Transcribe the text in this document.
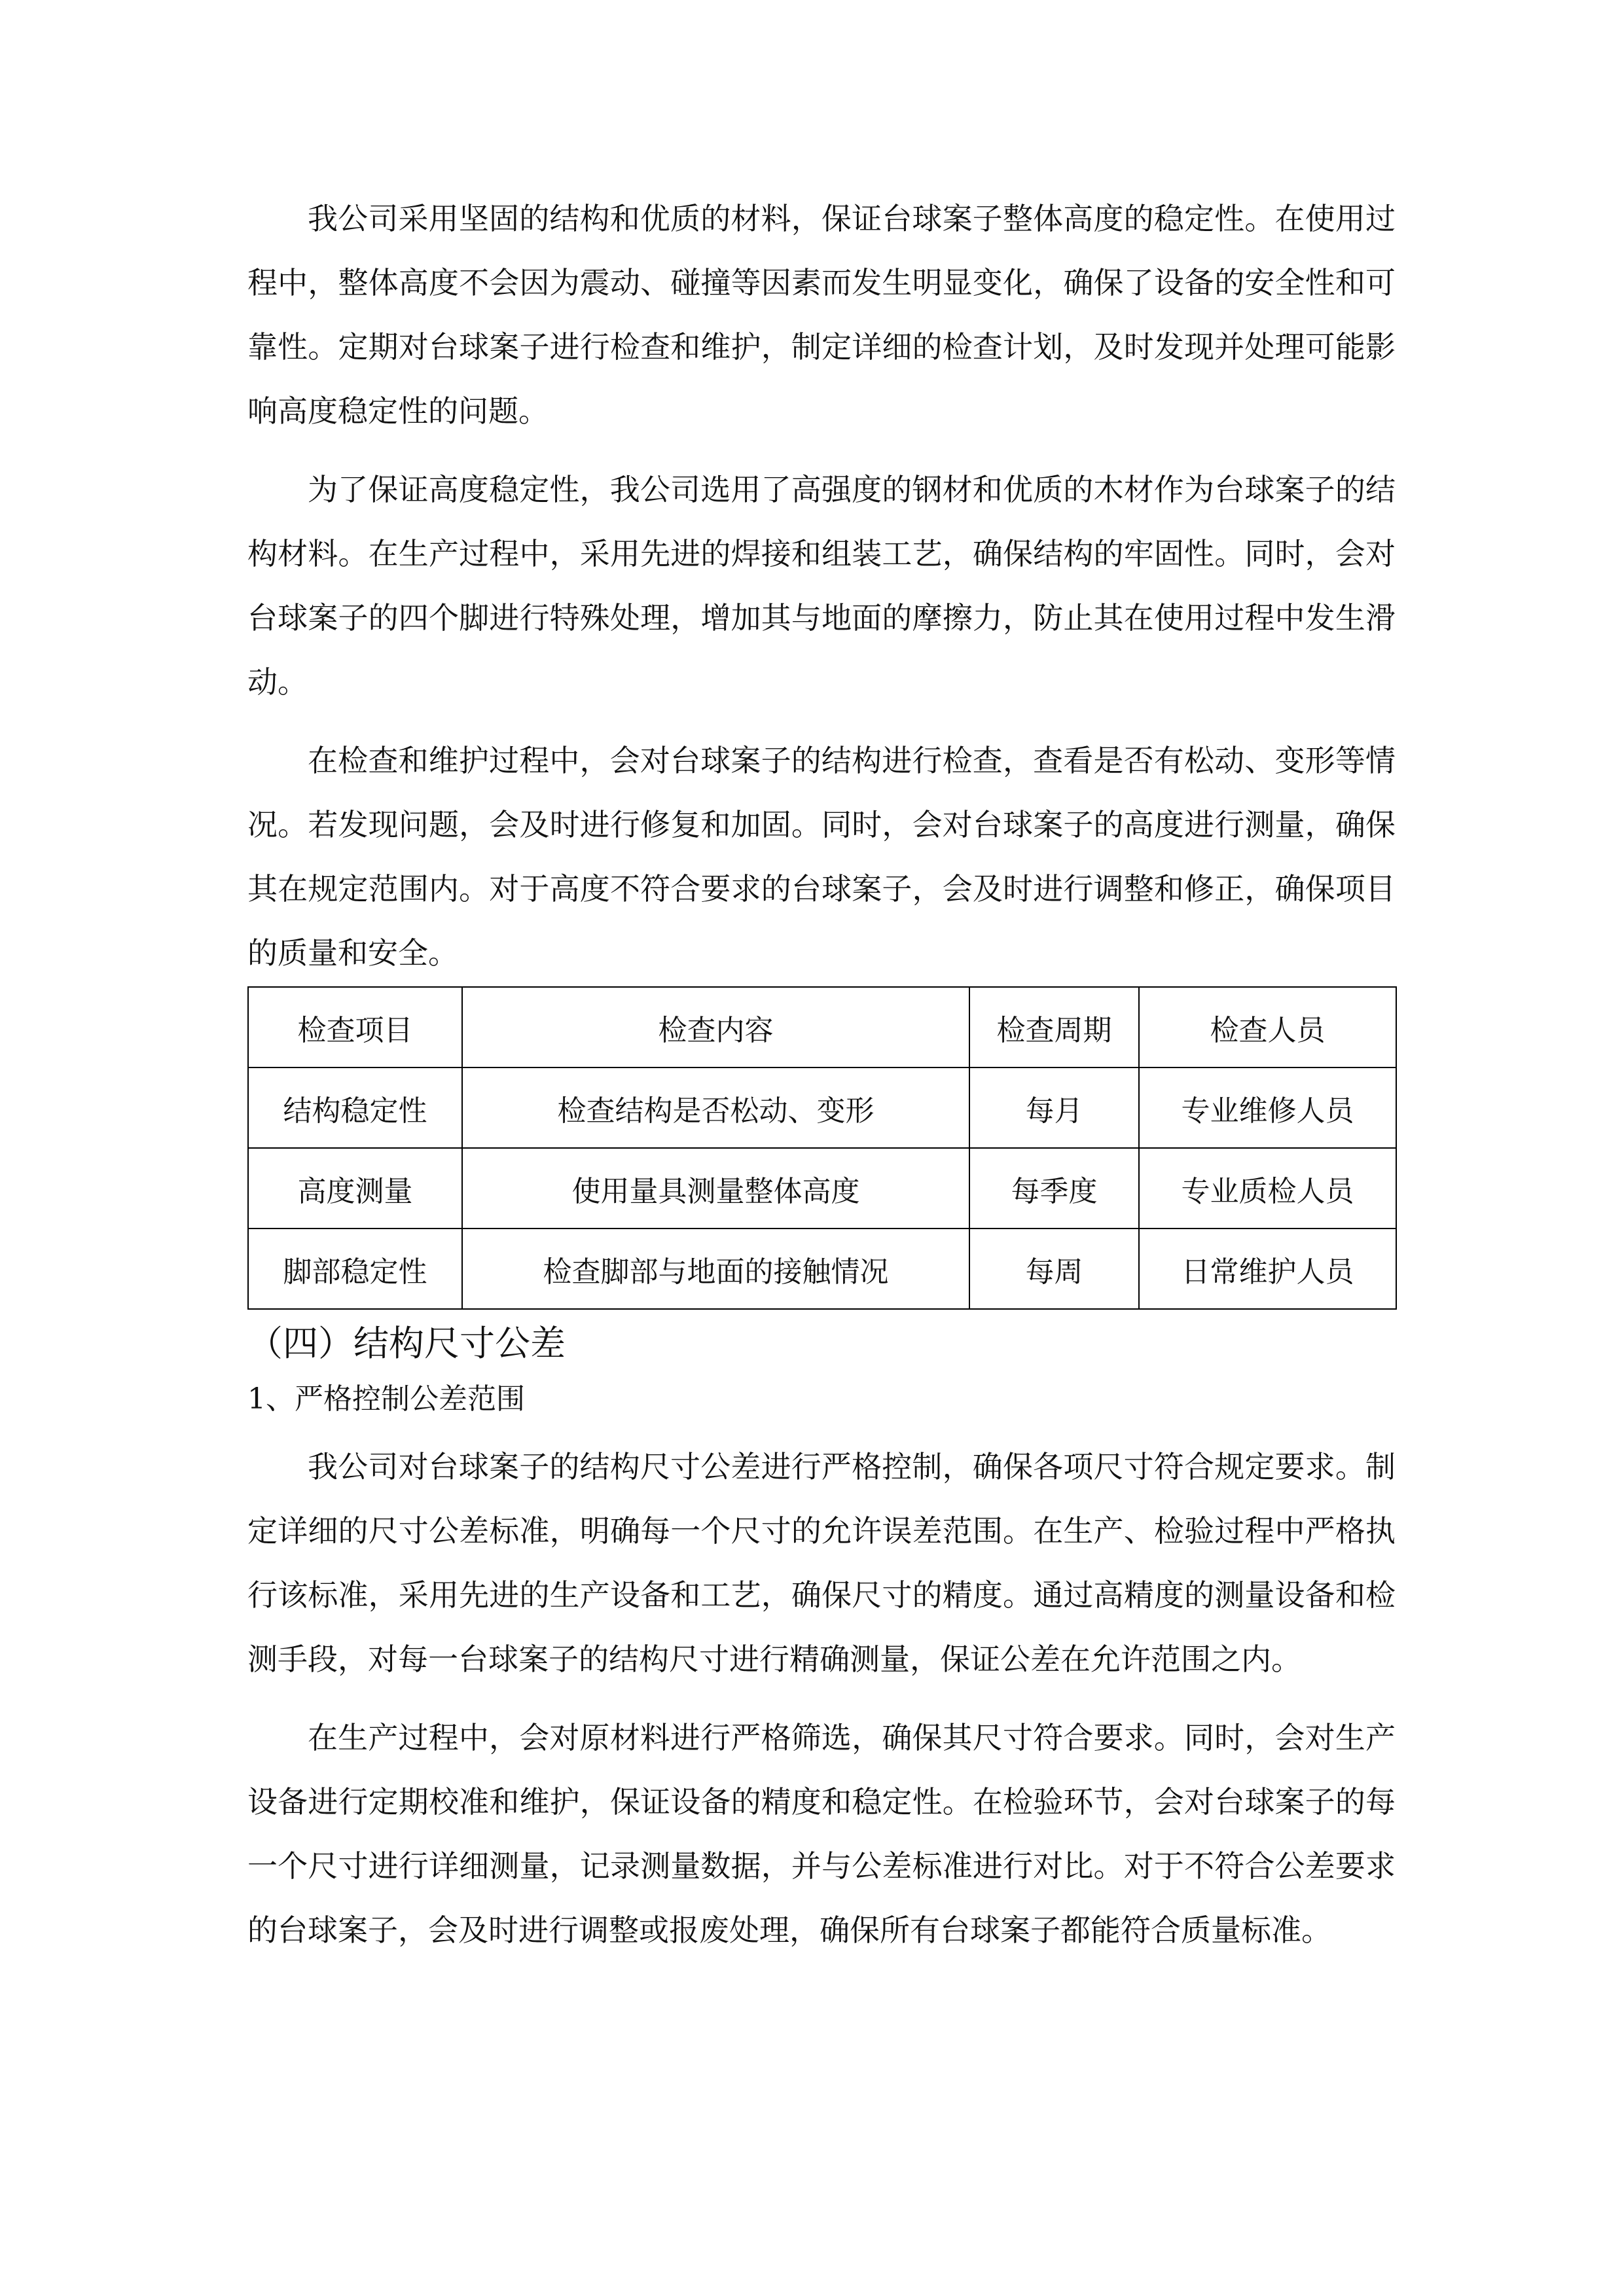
我公司采用坚固的结构和优质的材料，保证台球案子整体高度的稳定性。在使用过程中，整体高度不会因为震动、碰撞等因素而发生明显变化，确保了设备的安全性和可靠性。定期对台球案子进行检查和维护，制定详细的检查计划，及时发现并处理可能影响高度稳定性的问题。

为了保证高度稳定性，我公司选用了高强度的钢材和优质的木材作为台球案子的结构材料。在生产过程中，采用先进的焊接和组装工艺，确保结构的牢固性。同时，会对台球案子的四个脚进行特殊处理，增加其与地面的摩擦力，防止其在使用过程中发生滑动。

在检查和维护过程中，会对台球案子的结构进行检查，查看是否有松动、变形等情况。若发现问题，会及时进行修复和加固。同时，会对台球案子的高度进行测量，确保其在规定范围内。对于高度不符合要求的台球案子，会及时进行调整和修正，确保项目的质量和安全。

检查项目	检查内容	检查周期	检查人员
结构稳定性	检查结构是否松动、变形	每月	专业维修人员
高度测量	使用量具测量整体高度	每季度	专业质检人员
脚部稳定性	检查脚部与地面的接触情况	每周	日常维护人员
（四）结构尺寸公差
1、严格控制公差范围

我公司对台球案子的结构尺寸公差进行严格控制，确保各项尺寸符合规定要求。制定详细的尺寸公差标准，明确每一个尺寸的允许误差范围。在生产、检验过程中严格执行该标准，采用先进的生产设备和工艺，确保尺寸的精度。通过高精度的测量设备和检测手段，对每一台球案子的结构尺寸进行精确测量，保证公差在允许范围之内。

在生产过程中，会对原材料进行严格筛选，确保其尺寸符合要求。同时，会对生产设备进行定期校准和维护，保证设备的精度和稳定性。在检验环节，会对台球案子的每一个尺寸进行详细测量，记录测量数据，并与公差标准进行对比。对于不符合公差要求的台球案子，会及时进行调整或报废处理，确保所有台球案子都能符合质量标准。
